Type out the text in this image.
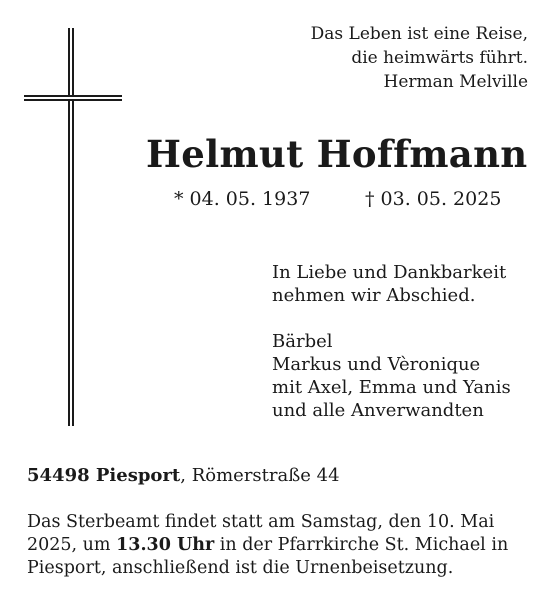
Das Leben ist eine Reise,
die heimwärts führt.
Herman Melville
Helmut Hoffmann
* 04. 05. 1937	† 03. 05. 2025
In Liebe und Dankbarkeit
nehmen wir Abschied.
Bärbel
Markus und Vèronique
mit Axel, Emma und Yanis
und alle Anverwandten
54498 Piesport, Römerstraße 44
Das Sterbeamt findet statt am Samstag, den 10. Mai
2025, um 13.30 Uhr in der Pfarrkirche St. Michael in
Piesport, anschließend ist die Urnenbeisetzung.
